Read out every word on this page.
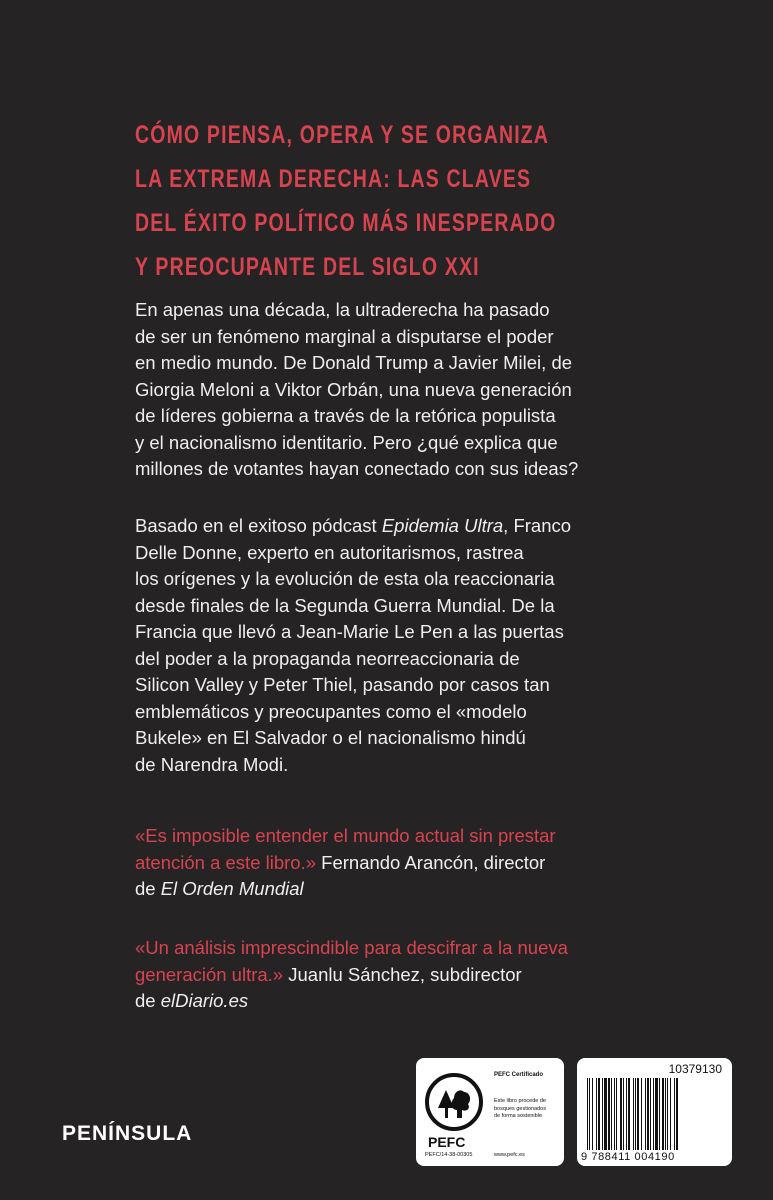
CÓMO PIENSA, OPERA Y SE ORGANIZA
LA EXTREMA DERECHA: LAS CLAVES
DEL ÉXITO POLÍTICO MÁS INESPERADO
Y PREOCUPANTE DEL SIGLO XXI

En apenas una década, la ultraderecha ha pasado
de ser un fenómeno marginal a disputarse el poder
en medio mundo. De Donald Trump a Javier Milei, de
Giorgia Meloni a Viktor Orbán, una nueva generación
de líderes gobierna a través de la retórica populista
y el nacionalismo identitario. Pero ¿qué explica que
millones de votantes hayan conectado con sus ideas?

Basado en el exitoso pódcast Epidemia Ultra, Franco
Delle Donne, experto en autoritarismos, rastrea
los orígenes y la evolución de esta ola reaccionaria
desde finales de la Segunda Guerra Mundial. De la
Francia que llevó a Jean-Marie Le Pen a las puertas
del poder a la propaganda neorreaccionaria de
Silicon Valley y Peter Thiel, pasando por casos tan
emblemáticos y preocupantes como el «modelo
Bukele» en El Salvador o el nacionalismo hindú
de Narendra Modi.

«Es imposible entender el mundo actual sin prestar
atención a este libro.» Fernando Arancón, director
de El Orden Mundial

«Un análisis imprescindible para descifrar a la nueva
generación ultra.» Juanlu Sánchez, subdirector
de elDiario.es

PENÍNSULA	PEFC

PEFC/14-38-00305

PEFC Certificado

Este libro procede de
bosques gestionados
de forma sostenible

www.pefc.es

10379130

9 788411 004190
